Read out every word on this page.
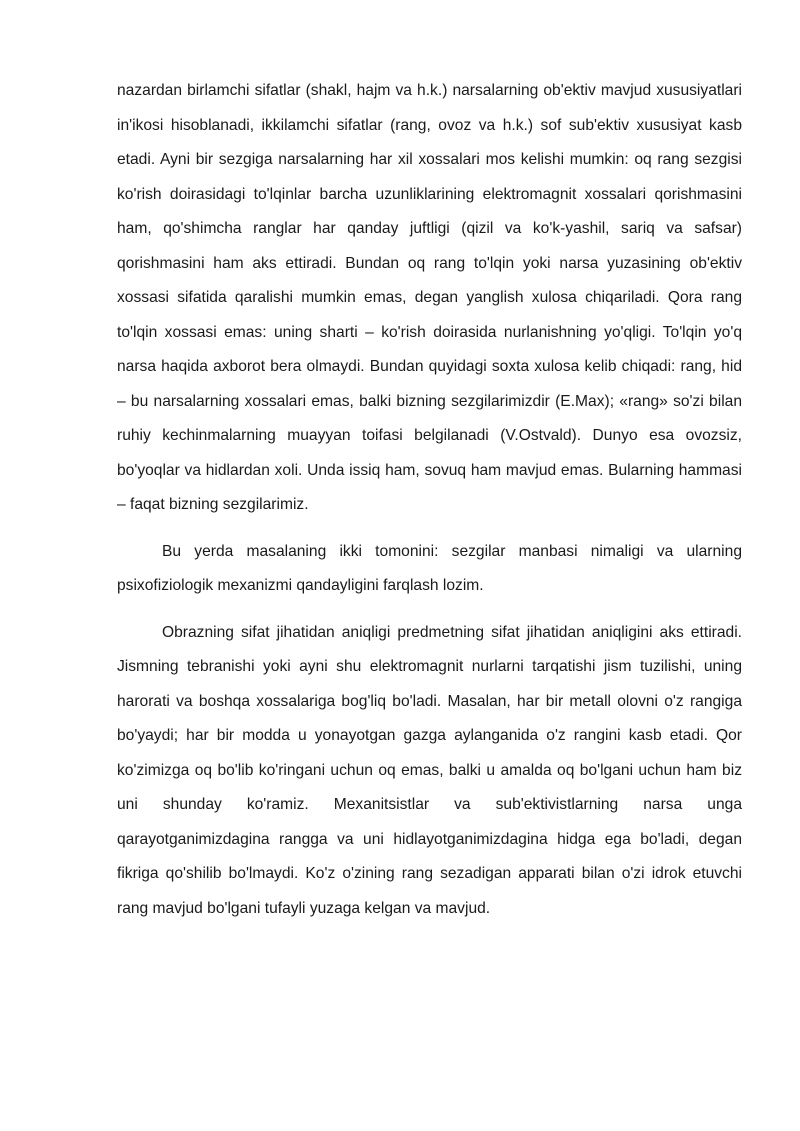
nazardan birlamchi sifatlar (shakl, hajm va h.k.) narsalarning ob'ektiv mavjud xususiyatlari in'ikosi hisoblanadi, ikkilamchi sifatlar (rang, ovoz va h.k.) sof sub'ektiv xususiyat kasb etadi. Ayni bir sezgiga narsalarning har xil xossalari mos kelishi mumkin: oq rang sezgisi ko'rish doirasidagi to'lqinlar barcha uzunliklarining elektromagnit xossalari qorishmasini ham, qo'shimcha ranglar har qanday juftligi (qizil va ko'k-yashil, sariq va safsar) qorishmasini ham aks ettiradi. Bundan oq rang to'lqin yoki narsa yuzasining ob'ektiv xossasi sifatida qaralishi mumkin emas, degan yanglish xulosa chiqariladi. Qora rang to'lqin xossasi emas: uning sharti – ko'rish doirasida nurlanishning yo'qligi. To'lqin yo'q narsa haqida axborot bera olmaydi. Bundan quyidagi soxta xulosa kelib chiqadi: rang, hid – bu narsalarning xossalari emas, balki bizning sezgilarimizdir (E.Max); «rang» so'zi bilan ruhiy kechinmalarning muayyan toifasi belgilanadi (V.Ostvald). Dunyo esa ovozsiz, bo'yoqlar va hidlardan xoli. Unda issiq ham, sovuq ham mavjud emas. Bularning hammasi – faqat bizning sezgilarimiz.

Bu yerda masalaning ikki tomonini: sezgilar manbasi nimaligi va ularning psixofiziologik mexanizmi qandayligini farqlash lozim.

Obrazning sifat jihatidan aniqligi predmetning sifat jihatidan aniqligini aks ettiradi. Jismning tebranishi yoki ayni shu elektromagnit nurlarni tarqatishi jism tuzilishi, uning harorati va boshqa xossalariga bog'liq bo'ladi. Masalan, har bir metall olovni o'z rangiga bo'yaydi; har bir modda u yonayotgan gazga aylanganida o'z rangini kasb etadi. Qor ko'zimizga oq bo'lib ko'ringani uchun oq emas, balki u amalda oq bo'lgani uchun ham biz uni shunday ko'ramiz. Mexanitsistlar va sub'ektivistlarning narsa unga qarayotganimizdagina rangga va uni hidlayotganimizdagina hidga ega bo'ladi, degan fikriga qo'shilib bo'lmaydi. Ko'z o'zining rang sezadigan apparati bilan o'zi idrok etuvchi rang mavjud bo'lgani tufayli yuzaga kelgan va mavjud.
